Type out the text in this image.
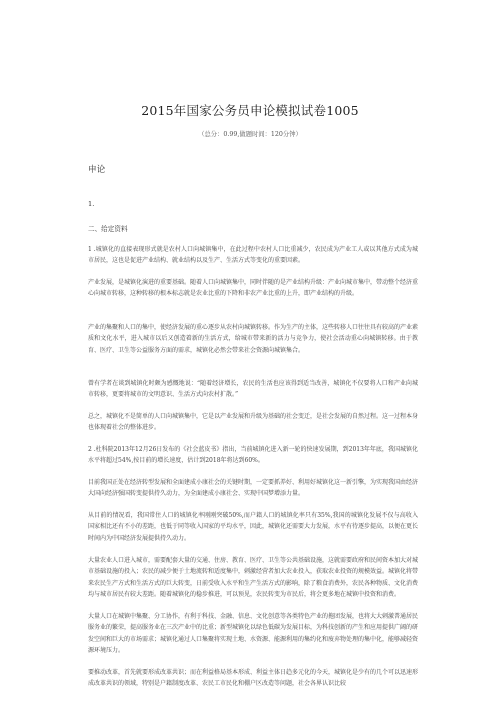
2015年国家公务员申论模拟试卷1005
（总分：0.99,做题时间：120分钟）
申论
1.
二、给定资料

1 .城镇化的直接表现形式就是农村人口向城镇集中，在此过程中农村人口比重减少，农民成为产业工人或以其他方式成为城市居民，这也是促进产业结构、就业结构以及生产、生活方式等变化的重要因素。

产业发展，是城镇化演进的重要基础。随着人口向城镇集中，同时伴随的是产业结构升级：产业向城市集中，带动整个经济重心向城市转移，这种转移的根本标志就是农业比重的下降和非农产业比重的上升，即产业结构的升级。

产业的集聚和人口的集中，使经济发展的重心逐步从农村向城镇转移。作为生产的主体，这些转移人口往往具有较高的产业素质和文化水平，进入城市以后又创造着新的生活方式，给城市带来新的活力与竞争力，使社会活动重心向城镇转移。由于教育、医疗、卫生等公益服务方面的需求，城镇化必然会带来社会资源向城镇集合。

曾有学者在谈到城镇化时颇为感慨地说：“随着经济增长，农民的生活也应该得到适当改善，城镇化不仅要将人口和产业向城市转移，更要将城市的文明意识、生活方式向农村扩散。”

总之，城镇化不是简单的人口向城镇集中，它是以产业发展和升级为基础的社会变迁，是社会发展的自然过程。这一过程本身也体现着社会的整体进步。

2 .杜科院2013年12月26日发布的《社会蓝皮书》指出，当前城镇化进入新一轮的快速发展期，到2013年年底，我国城镇化水平将超过54%,按目前的增长速度，估计到2018年将达到60%。

目前我国正处在经济转型发展和全面建成小康社会的关键时期，一定要抓养好、利用好城镇化这一新引擎，为实现我国由经济大国向经济强国转变提供持久动力，为全面建成小康社会、实现中国梦增添力量。

从目前的情况看，我国常住人口的城镇化率刚刚突破50%,而户籍人口的城镇化率只有35%,我国的城镇化发展不仅与高收入国家相比还有不小的差距，也低于同等收入国家的平均水平，因此，城镇化还需要大力发展，水平有待逐步提高，以便在更长时间内为中国经济发展提供持久动力。

大量农业人口进入城市，需要配套大量的交通、住房、教育、医疗、卫生等公共基础设施，这就需要政府和民间资本加大对城市基础设施的投入；农民的减少便于土地流转和适度集中，刺激经营者加大农业投入，获取农业投资的规模效益。城镇化将带来农民生产方式和生活方式的巨大转变，日前受收入水平和生产生活方式的影响，除了粮食消费外，农民各种物质、文化消费均与城市居民有较大差距。随着城镇化的稳步推进，可以预见，农民转变为市民后，将会更多地在城镇中投资和消费。

大量人口在城镇中集聚、分工协作，有利于科技、金融、信息、文化创意等各类特色产业的拖团发展，也将大大刺激普通居民服务业的繁荣，提高服务业在三次产业中的比重；新型城镇化以绿色低碳为发展目标，为科技创新的产生和应用提供广阔的研发空间和巨大的市场需求；城镇化通过人口集聚将实现土地、水资源、能源利用的集约化和废弃物处理的集中化，能够减轻资源环境压力。

要推动改革，首先就要形成改革共识；而在利益格局基本形成、利益主体日趋多元化的今天，城镇化是少有的几个可以迅速形成改革共识的领域，特别是户籍制度改革、农民工市民化和棚户区改造等问题，社会各界认识比较
